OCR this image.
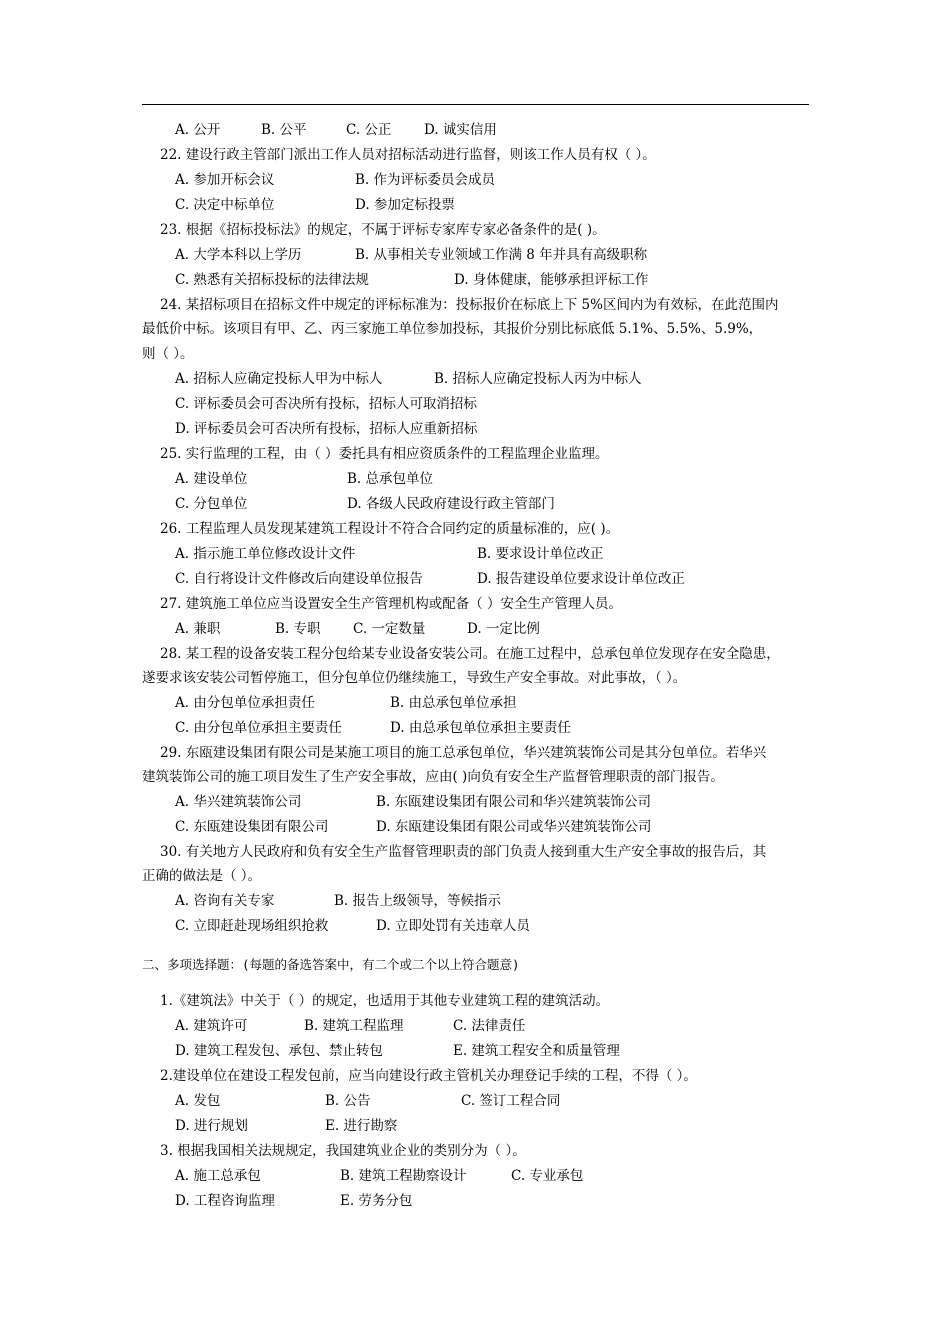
A. 公开	B. 公平	C. 公正 D. 诚实信用
22. 建设行政主管部门派出工作人员对招标活动进行监督，则该工作人员有权（ ）。
A. 参加开标会议	B. 作为评标委员会成员
C. 决定中标单位	D. 参加定标投票
23. 根据《招标投标法》的规定，不属于评标专家库专家必备条件的是( )。
A. 大学本科以上学历	B. 从事相关专业领域工作满 8 年并具有高级职称
C. 熟悉有关招标投标的法律法规	D. 身体健康，能够承担评标工作
24. 某招标项目在招标文件中规定的评标标准为：投标报价在标底上下 5%区间内为有效标，在此范围内
最低价中标。该项目有甲、乙、丙三家施工单位参加投标，其报价分别比标底低 5.1%、5.5%、5.9%，
则（ ）。
A. 招标人应确定投标人甲为中标人	B. 招标人应确定投标人丙为中标人
C. 评标委员会可否决所有投标，招标人可取消招标
D. 评标委员会可否决所有投标，招标人应重新招标
25. 实行监理的工程，由（ ）委托具有相应资质条件的工程监理企业监理。
A. 建设单位	B. 总承包单位
C. 分包单位	D. 各级人民政府建设行政主管部门
26. 工程监理人员发现某建筑工程设计不符合合同约定的质量标准的，应( )。
A. 指示施工单位修改设计文件	B. 要求设计单位改正
C. 自行将设计文件修改后向建设单位报告	D. 报告建设单位要求设计单位改正
27. 建筑施工单位应当设置安全生产管理机构或配备（ ）安全生产管理人员。
A. 兼职	B. 专职 C. 一定数量	D. 一定比例
28. 某工程的设备安装工程分包给某专业设备安装公司。在施工过程中，总承包单位发现存在安全隐患，
遂要求该安装公司暂停施工，但分包单位仍继续施工，导致生产安全事故。对此事故，（ ）。
A. 由分包单位承担责任	B. 由总承包单位承担
C. 由分包单位承担主要责任	D. 由总承包单位承担主要责任
29. 东瓯建设集团有限公司是某施工项目的施工总承包单位，华兴建筑装饰公司是其分包单位。若华兴
建筑装饰公司的施工项目发生了生产安全事故，应由( )向负有安全生产监督管理职责的部门报告。
A. 华兴建筑装饰公司	B. 东瓯建设集团有限公司和华兴建筑装饰公司
C. 东瓯建设集团有限公司	D. 东瓯建设集团有限公司或华兴建筑装饰公司
30. 有关地方人民政府和负有安全生产监督管理职责的部门负责人接到重大生产安全事故的报告后，其
正确的做法是（ ）。
A. 咨询有关专家	B. 报告上级领导，等候指示
C. 立即赶赴现场组织抢救	D. 立即处罚有关违章人员
二、多项选择题：(每题的备选答案中，有二个或二个以上符合题意)
1.《建筑法》中关于（ ）的规定，也适用于其他专业建筑工程的建筑活动。
A. 建筑许可	B. 建筑工程监理	C. 法律责任
D. 建筑工程发包、承包、禁止转包	E. 建筑工程安全和质量管理
2.建设单位在建设工程发包前，应当向建设行政主管机关办理登记手续的工程，不得（ ）。
A. 发包	B. 公告	C. 签订工程合同
D. 进行规划	E. 进行勘察
3. 根据我国相关法规规定，我国建筑业企业的类别分为（ ）。
A. 施工总承包	B. 建筑工程勘察设计	C. 专业承包
D. 工程咨询监理	E. 劳务分包
